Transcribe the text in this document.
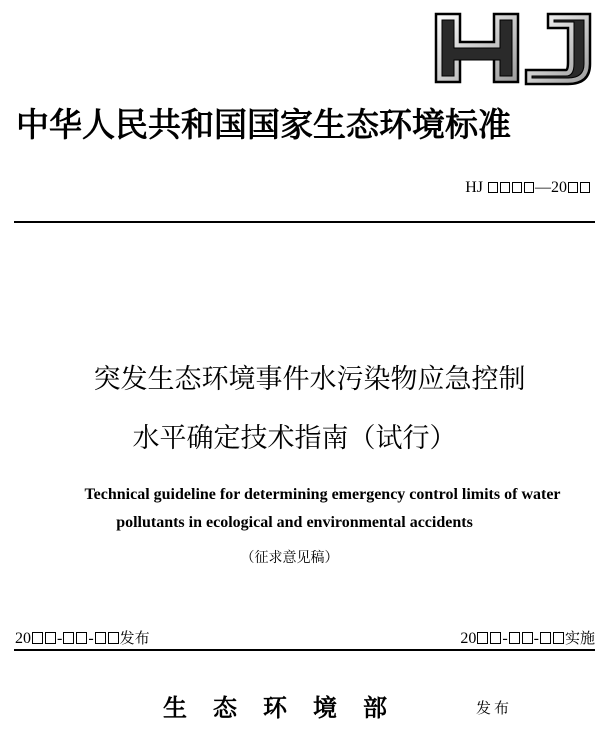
HJ
中华人民共和国国家生态环境标准
HJ	—20
突发生态环境事件水污染物应急控制
水平确定技术指南（试行）
Technical guideline for determining emergency control limits of water
pollutants in ecological and environmental accidents
（征求意见稿）
20 - - 发布	20 - - 实施
生态环境部	发布
